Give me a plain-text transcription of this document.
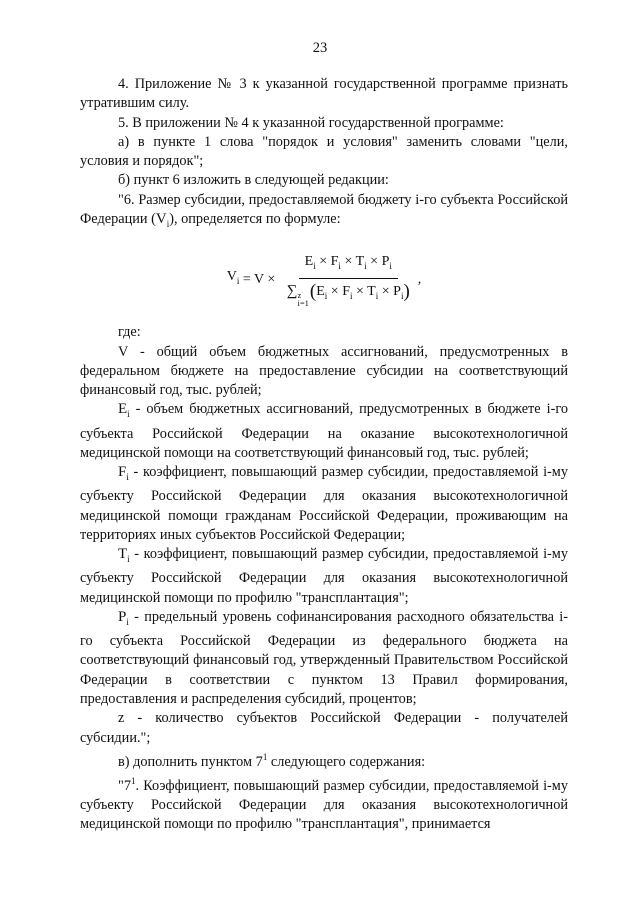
23

4. Приложение № 3 к указанной государственной программе признать утратившим силу.

5. В приложении № 4 к указанной государственной программе:

а) в пункте 1 слова "порядок и условия" заменить словами "цели, условия и порядок";

б) пункт 6 изложить в следующей редакции:

"6. Размер субсидии, предоставляемой бюджету i-го субъекта Российской Федерации $(V_i)$, определяется по формуле:

$V_i = V \times E_i \times F_i \times T_i \times P_i$
∑ z
i=1
$(E_i \times F_i \times T_i \times P_i)$ ,

где:

V - общий объем бюджетных ассигнований, предусмотренных в федеральном бюджете на предоставление субсидии на соответствующий финансовый год, тыс. рублей;

$E_i$ - объем бюджетных ассигнований, предусмотренных в бюджете i-го субъекта Российской Федерации на оказание высокотехнологичной медицинской помощи на соответствующий финансовый год, тыс. рублей;

$F_i$ - коэффициент, повышающий размер субсидии, предоставляемой i-му субъекту Российской Федерации для оказания высокотехнологичной медицинской помощи гражданам Российской Федерации, проживающим на территориях иных субъектов Российской Федерации;

$T_i$ - коэффициент, повышающий размер субсидии, предоставляемой i-му субъекту Российской Федерации для оказания высокотехнологичной медицинской помощи по профилю "трансплантация";

$P_i$ - предельный уровень софинансирования расходного обязательства i-го субъекта Российской Федерации из федерального бюджета на соответствующий финансовый год, утвержденный Правительством Российской Федерации в соответствии с пунктом 13 Правил формирования, предоставления и распределения субсидий, процентов;

z - количество субъектов Российской Федерации - получателей субсидии.";

в) дополнить пунктом $7^1$ следующего содержания:

"$7^1$. Коэффициент, повышающий размер субсидии, предоставляемой i-му субъекту Российской Федерации для оказания высокотехнологичной медицинской помощи по профилю "трансплантация", принимается
